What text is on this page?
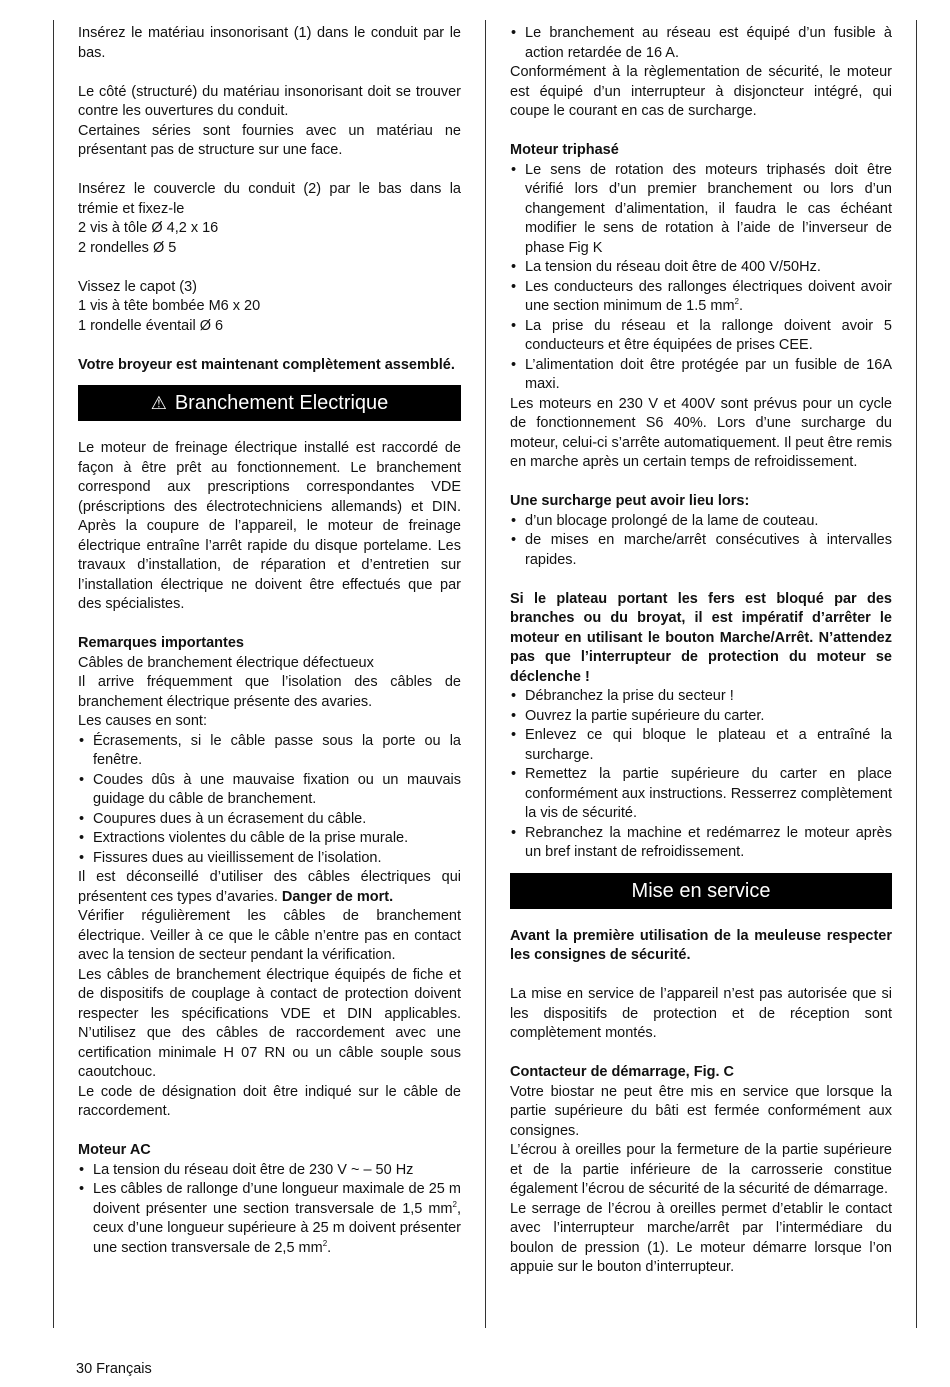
Insérez le matériau insonorisant (1) dans le conduit par le bas.

Le côté (structuré) du matériau insonorisant doit se trouver contre les ouvertures du conduit.

Certaines séries sont fournies avec un matériau ne présentant pas de structure sur une face.

Insérez le couvercle du conduit (2) par le bas dans la trémie et fixez-le

2 vis à tôle Ø 4,2 x 16

2 rondelles Ø 5

Vissez le capot (3)

1 vis à tête bombée M6 x 20

1 rondelle éventail Ø 6

Votre broyeur est maintenant complètement assemblé.

⚠ Branchement Electrique

Le moteur de freinage électrique installé est raccordé de façon à être prêt au fonctionnement. Le branchement correspond aux prescriptions correspondantes VDE (préscriptions des électrotechniciens allemands) et DIN. Après la coupure de l’appareil, le moteur de freinage électrique entraîne l’arrêt rapide du disque portelame. Les travaux d’installation, de réparation et d’entretien sur l’installation électrique ne doivent être effectués que par des spécialistes.

Remarques importantes

Câbles de branchement électrique défectueux

Il arrive fréquemment que l’isolation des câbles de branchement électrique présente des avaries.

Les causes en sont:

• Écrasements, si le câble passe sous la porte ou la fenêtre.
• Coudes dûs à une mauvaise fixation ou un mauvais guidage du câble de branchement.
• Coupures dues à un écrasement du câble.
• Extractions violentes du câble de la prise murale.
• Fissures dues au vieillissement de l’isolation.

Il est déconseillé d’utiliser des câbles électriques qui présentent ces types d’avaries. Danger de mort.

Vérifier régulièrement les câbles de branchement électrique. Veiller à ce que le câble n’entre pas en contact avec la tension de secteur pendant la vérification.

Les câbles de branchement électrique équipés de fiche et de dispositifs de couplage à contact de protection doivent respecter les spécifications VDE et DIN applicables. N’utilisez que des câbles de raccordement avec une certification minimale H 07 RN ou un câble souple sous caoutchouc.

Le code de désignation doit être indiqué sur le câble de raccordement.

Moteur AC

• La tension du réseau doit être de 230 V ~ – 50 Hz
• Les câbles de rallonge d’une longueur maximale de 25 m doivent présenter une section transversale de 1,5 $mm^2$, ceux d’une longueur supérieure à 25 m doivent présenter une section transversale de 2,5 $mm^2$.
• Le branchement au réseau est équipé d’un fusible à action retardée de 16 A.

Conformément à la règlementation de sécurité, le moteur est équipé d’un interrupteur à disjoncteur intégré, qui coupe le courant en cas de surcharge.

Moteur triphasé

• Le sens de rotation des moteurs triphasés doit être vérifié lors d’un premier branchement ou lors d’un changement d’alimentation, il faudra le cas échéant modifier le sens de rotation à l’aide de l’inverseur de phase Fig K
• La tension du réseau doit être de 400 V/50Hz.
• Les conducteurs des rallonges électriques doivent avoir une section minimum de 1.5 $mm^2$.
• La prise du réseau et la rallonge doivent avoir 5 conducteurs et être équipées de prises CEE.
• L’alimentation doit être protégée par un fusible de 16A maxi.

Les moteurs en 230 V et 400V sont prévus pour un cycle de fonctionnement S6 40%. Lors d’une surcharge du moteur, celui-ci s’arrête automatiquement. Il peut être remis en marche après un certain temps de refroidissement.

Une surcharge peut avoir lieu lors:

• d’un blocage prolongé de la lame de couteau.
• de mises en marche/arrêt consécutives à intervalles rapides.

Si le plateau portant les fers est bloqué par des branches ou du broyat, il est impératif d’arrêter le moteur en utilisant le bouton Marche/Arrêt. N’attendez pas que l’interrupteur de protection du moteur se déclenche !

• Débranchez la prise du secteur !
• Ouvrez la partie supérieure du carter.
• Enlevez ce qui bloque le plateau et a entraîné la surcharge.
• Remettez la partie supérieure du carter en place conformément aux instructions. Resserrez complètement la vis de sécurité.
• Rebranchez la machine et redémarrez le moteur après un bref instant de refroidissement.
Mise en service

Avant la première utilisation de la meuleuse respecter les consignes de sécurité.

La mise en service de l’appareil n’est pas autorisée que si les dispositifs de protection et de réception sont complètement montés.

Contacteur de démarrage, Fig. C

Votre biostar ne peut être mis en service que lorsque la partie supérieure du bâti est fermée conformément aux consignes.

L’écrou à oreilles pour la fermeture de la partie supérieure et de la partie inférieure de la carrosserie constitue également l’écrou de sécurité de la sécurité de démarrage.

Le serrage de l’écrou à oreilles permet d’etablir le contact avec l’interrupteur marche/arrêt par l’intermédiare du boulon de pression (1). Le moteur démarre lorsque l’on appuie sur le bouton d’interrupteur.

30 Français
